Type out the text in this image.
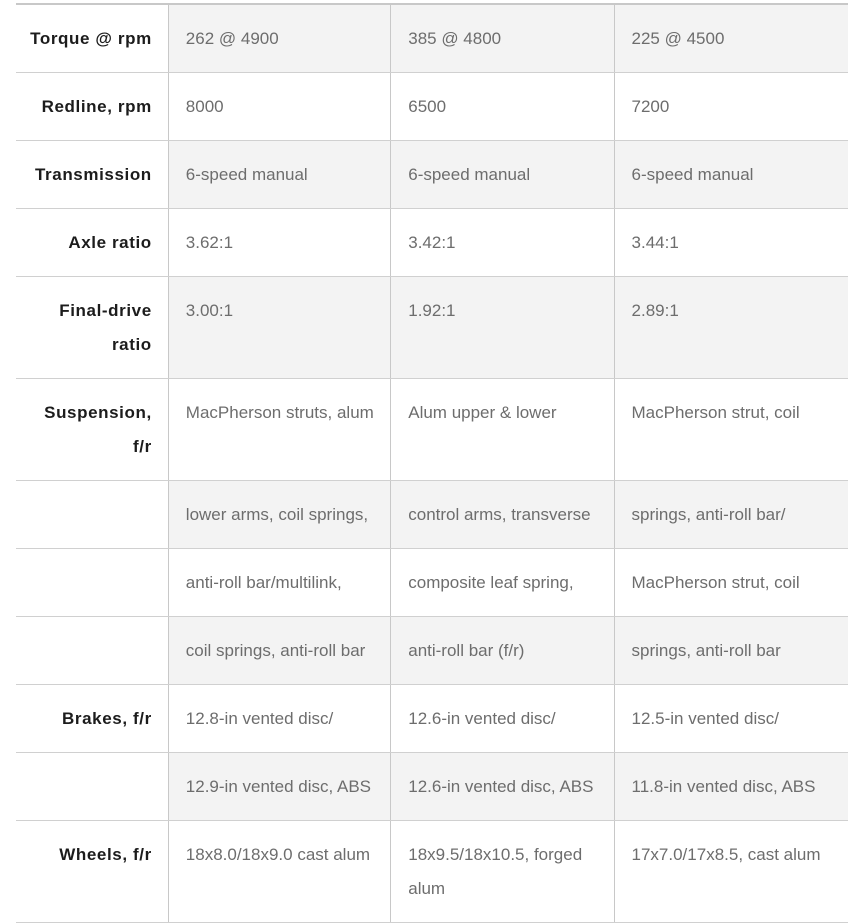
Torque @ rpm	262 @ 4900	385 @ 4800	225 @ 4500
Redline, rpm	8000	6500	7200
Transmission	6-speed manual	6-speed manual	6-speed manual
Axle ratio	3.62:1	3.42:1	3.44:1
Final-drive ratio	3.00:1	1.92:1	2.89:1
Suspension, f/r	MacPherson struts, alum	Alum upper & lower	MacPherson strut, coil
	lower arms, coil springs,	control arms, transverse	springs, anti-roll bar/
	anti-roll bar/multilink,	composite leaf spring,	MacPherson strut, coil
	coil springs, anti-roll bar	anti-roll bar (f/r)	springs, anti-roll bar
Brakes, f/r	12.8-in vented disc/	12.6-in vented disc/	12.5-in vented disc/
	12.9-in vented disc, ABS	12.6-in vented disc, ABS	11.8-in vented disc, ABS
Wheels, f/r	18x8.0/18x9.0 cast alum	18x9.5/18x10.5, forged alum	17x7.0/17x8.5, cast alum
